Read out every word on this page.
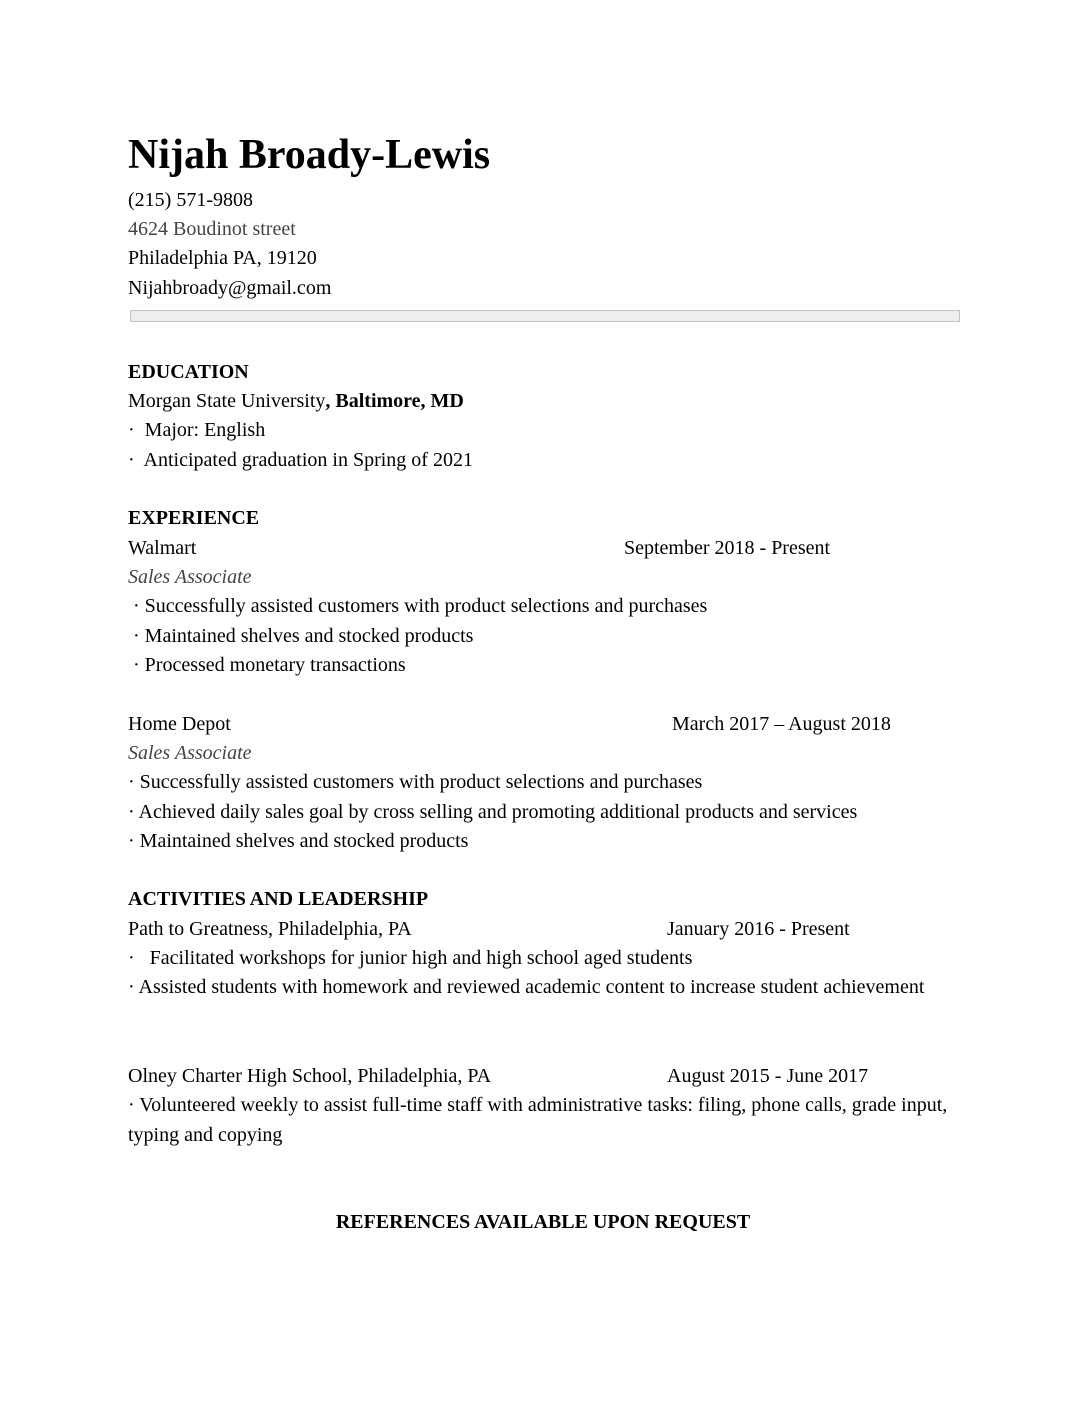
Nijah Broady-Lewis

(215) 571-9808

4624 Boudinot street

Philadelphia PA, 19120

Nijahbroady@gmail.com

EDUCATION

Morgan State University, Baltimore, MD

·  Major: English

·  Anticipated graduation in Spring of 2021

EXPERIENCE

Walmart	September 2018 - Present

Sales Associate

· Successfully assisted customers with product selections and purchases

· Maintained shelves and stocked products

· Processed monetary transactions

Home Depot	March 2017 – August 2018

Sales Associate

· Successfully assisted customers with product selections and purchases

· Achieved daily sales goal by cross selling and promoting additional products and services

· Maintained shelves and stocked products

ACTIVITIES AND LEADERSHIP

Path to Greatness, Philadelphia, PA	January 2016 - Present

·   Facilitated workshops for junior high and high school aged students

· Assisted students with homework and reviewed academic content to increase student achievement

Olney Charter High School, Philadelphia, PA	August 2015 - June 2017

· Volunteered weekly to assist full-time staff with administrative tasks: filing, phone calls, grade input, typing and copying

REFERENCES AVAILABLE UPON REQUEST
